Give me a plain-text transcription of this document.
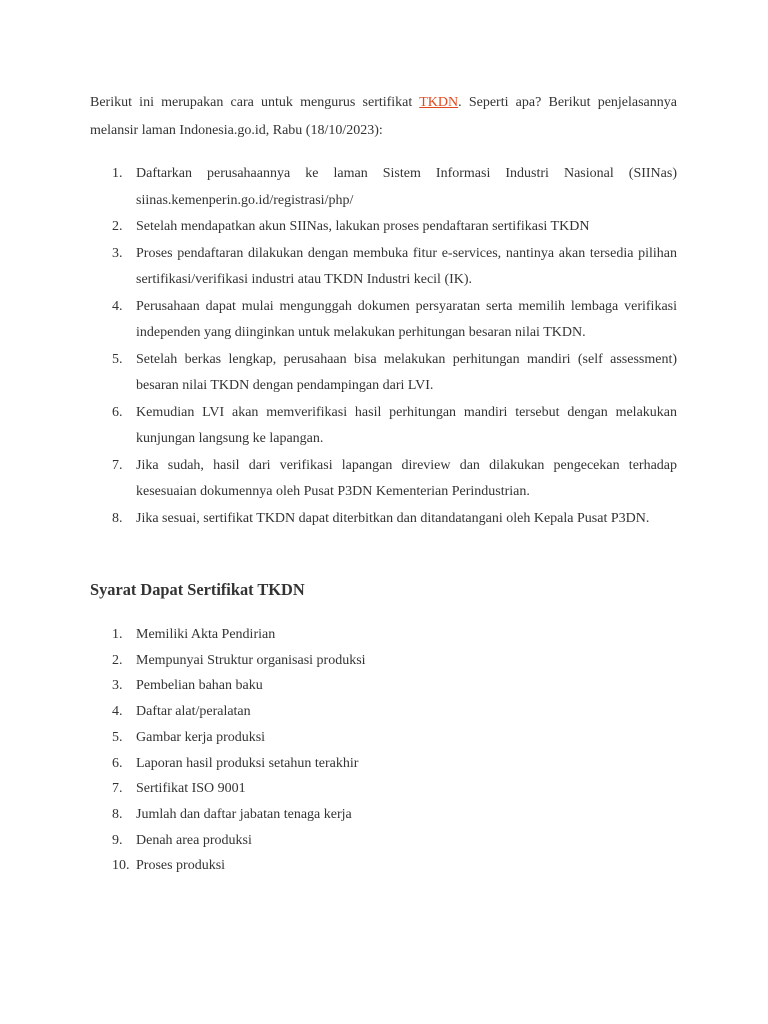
Berikut ini merupakan cara untuk mengurus sertifikat TKDN. Seperti apa? Berikut penjelasannya melansir laman Indonesia.go.id, Rabu (18/10/2023):

1. Daftarkan perusahaannya ke laman Sistem Informasi Industri Nasional (SIINas) siinas.kemenperin.go.id/registrasi/php/
2. Setelah mendapatkan akun SIINas, lakukan proses pendaftaran sertifikasi TKDN
3. Proses pendaftaran dilakukan dengan membuka fitur e-services, nantinya akan tersedia pilihan sertifikasi/verifikasi industri atau TKDN Industri kecil (IK).
4. Perusahaan dapat mulai mengunggah dokumen persyaratan serta memilih lembaga verifikasi independen yang diinginkan untuk melakukan perhitungan besaran nilai TKDN.
5. Setelah berkas lengkap, perusahaan bisa melakukan perhitungan mandiri (self assessment) besaran nilai TKDN dengan pendampingan dari LVI.
6. Kemudian LVI akan memverifikasi hasil perhitungan mandiri tersebut dengan melakukan kunjungan langsung ke lapangan.
7. Jika sudah, hasil dari verifikasi lapangan direview dan dilakukan pengecekan terhadap kesesuaian dokumennya oleh Pusat P3DN Kementerian Perindustrian.
8. Jika sesuai, sertifikat TKDN dapat diterbitkan dan ditandatangani oleh Kepala Pusat P3DN.
Syarat Dapat Sertifikat TKDN
1. Memiliki Akta Pendirian
2. Mempunyai Struktur organisasi produksi
3. Pembelian bahan baku
4. Daftar alat/peralatan
5. Gambar kerja produksi
6. Laporan hasil produksi setahun terakhir
7. Sertifikat ISO 9001
8. Jumlah dan daftar jabatan tenaga kerja
9. Denah area produksi
10. Proses produksi
